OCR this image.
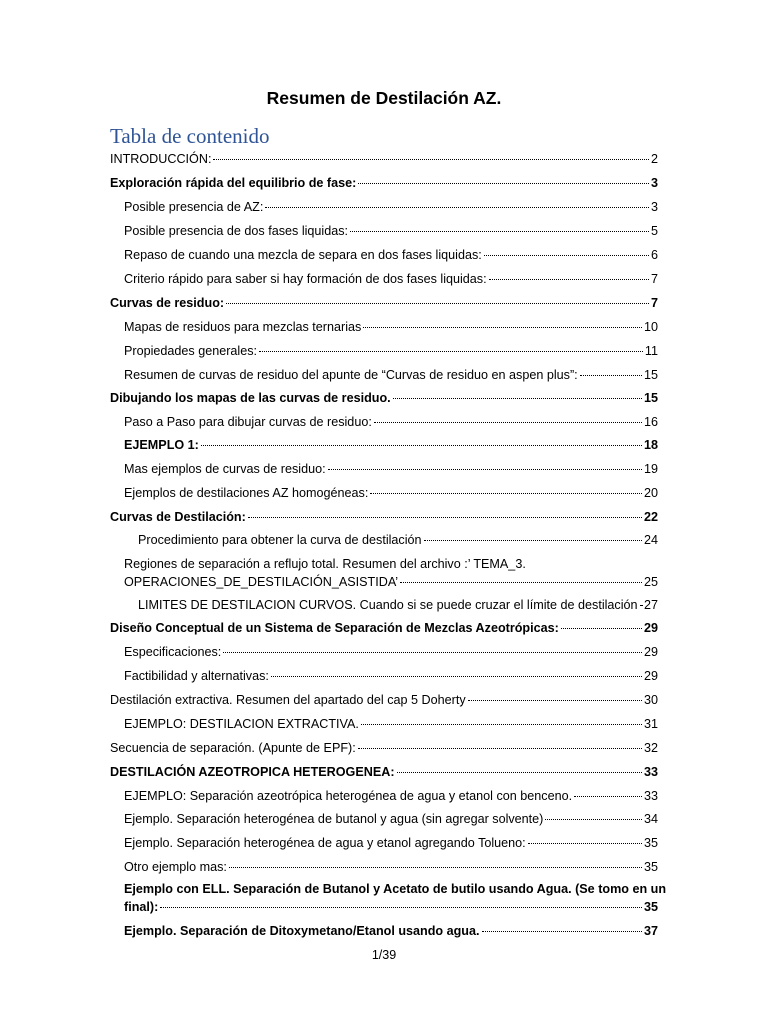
Resumen de Destilación AZ.
Tabla de contenido
INTRODUCCIÓN:	2
Exploración rápida del equilibrio de fase:	3
Posible presencia de AZ:	3
Posible presencia de dos fases liquidas:	5
Repaso de cuando una mezcla de separa en dos fases liquidas:	6
Criterio rápido para saber si hay formación de dos fases liquidas:	7
Curvas de residuo:	7
Mapas de residuos para mezclas ternarias	10
Propiedades generales:	11
Resumen de curvas de residuo del apunte de “Curvas de residuo en aspen plus”:	15
Dibujando los mapas de las curvas de residuo.	15
Paso a Paso para dibujar curvas de residuo:	16
EJEMPLO 1:	18
Mas ejemplos de curvas de residuo:	19
Ejemplos de destilaciones AZ homogéneas:	20
Curvas de Destilación:	22
Procedimiento para obtener la curva de destilación	24
Regiones de separación a reflujo total. Resumen del archivo :’ TEMA_3.
OPERACIONES_DE_DESTILACIÓN_ASISTIDA’	25
LIMITES DE DESTILACION CURVOS. Cuando si se puede cruzar el límite de destilación 27
Diseño Conceptual de un Sistema de Separación de Mezclas Azeotrópicas:	29
Especificaciones:	29
Factibilidad y alternativas:	29
Destilación extractiva. Resumen del apartado del cap 5 Doherty	30
EJEMPLO: DESTILACION EXTRACTIVA.	31
Secuencia de separación. (Apunte de EPF):	32
DESTILACIÓN AZEOTROPICA HETEROGENEA:	33
EJEMPLO: Separación azeotrópica heterogénea de agua y etanol con benceno.	33
Ejemplo. Separación heterogénea de butanol y agua (sin agregar solvente)	34
Ejemplo. Separación heterogénea de agua y etanol agregando Tolueno:	35
Otro ejemplo mas:	35
Ejemplo con ELL. Separación de Butanol y Acetato de butilo usando Agua. (Se tomo en un
final):	35
Ejemplo. Separación de Ditoxymetano/Etanol usando agua.	37
1/39
